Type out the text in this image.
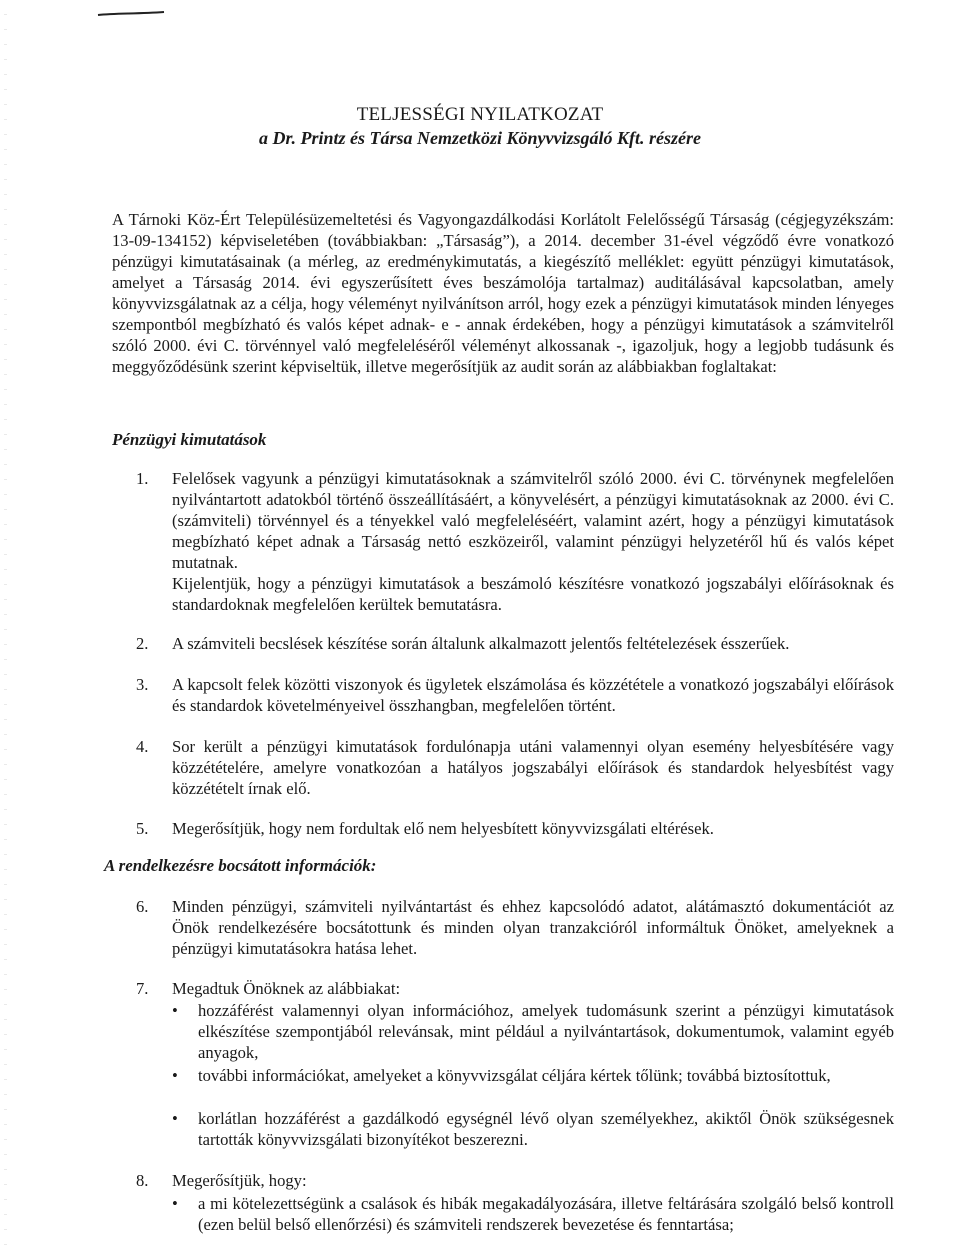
TELJESSÉGI NYILATKOZAT
a Dr. Printz és Társa Nemzetközi Könyvvizsgáló Kft. részére

A Tárnoki Köz-Ért Településüzemeltetési és Vagyongazdálkodási Korlátolt Felelősségű Társaság (cégjegyzékszám: 13-09-134152) képviseletében (továbbiakban: „Társaság”), a 2014. december 31-ével végződő évre vonatkozó pénzügyi kimutatásainak (a mérleg, az eredménykimutatás, a kiegészítő melléklet: együtt pénzügyi kimutatások, amelyet a Társaság 2014. évi egyszerűsített éves beszámolója tartalmaz) auditálásával kapcsolatban, amely könyvvizsgálatnak az a célja, hogy véleményt nyilvánítson arról, hogy ezek a pénzügyi kimutatások minden lényeges szempontból megbízható és valós képet adnak- e - annak érdekében, hogy a pénzügyi kimutatások a számvitelről szóló 2000. évi C. törvénnyel való megfeleléséről véleményt alkossanak -, igazoljuk, hogy a legjobb tudásunk és meggyőződésünk szerint képviseltük, illetve megerősítjük az audit során az alábbiakban foglaltakat:

Pénzügyi kimutatások
1.	Felelősek vagyunk a pénzügyi kimutatásoknak a számvitelről szóló 2000. évi C. törvénynek megfelelően nyilvántartott adatokból történő összeállításáért, a könyvelésért, a pénzügyi kimutatásoknak az 2000. évi C. (számviteli) törvénnyel és a tényekkel való megfeleléséért, valamint azért, hogy a pénzügyi kimutatások megbízható képet adnak a Társaság nettó eszközeiről, valamint pénzügyi helyzetéről hű és valós képet mutatnak.

Kijelentjük, hogy a pénzügyi kimutatások a beszámoló készítésre vonatkozó jogszabályi előírásoknak és standardoknak megfelelően kerültek bemutatásra.

2.	A számviteli becslések készítése során általunk alkalmazott jelentős feltételezések ésszerűek.

3.	A kapcsolt felek közötti viszonyok és ügyletek elszámolása és közzététele a vonatkozó jogszabályi előírások és standardok követelményeivel összhangban, megfelelően történt.

4.	Sor került a pénzügyi kimutatások fordulónapja utáni valamennyi olyan esemény helyesbítésére vagy közzétételére, amelyre vonatkozóan a hatályos jogszabályi előírások és standardok helyesbítést vagy közzétételt írnak elő.

5.	Megerősítjük, hogy nem fordultak elő nem helyesbített könyvvizsgálati eltérések.

A rendelkezésre bocsátott információk:
6.	Minden pénzügyi, számviteli nyilvántartást és ehhez kapcsolódó adatot, alátámasztó dokumentációt az Önök rendelkezésére bocsátottunk és minden olyan tranzakcióról informáltuk Önöket, amelyeknek a pénzügyi kimutatásokra hatása lehet.

7.	Megadtuk Önöknek az alábbiakat:

•	hozzáférést valamennyi olyan információhoz, amelyek tudomásunk szerint a pénzügyi kimutatások elkészítése szempontjából relevánsak, mint például a nyilvántartások, dokumentumok, valamint egyéb anyagok,
•	további információkat, amelyeket a könyvvizsgálat céljára kértek tőlünk; továbbá biztosítottuk,
•	korlátlan hozzáférést a gazdálkodó egységnél lévő olyan személyekhez, akiktől Önök szükségesnek tartották könyvvizsgálati bizonyítékot beszerezni.
8.	Megerősítjük, hogy:

•	a mi kötelezettségünk a csalások és hibák megakadályozására, illetve feltárására szolgáló belső kontroll (ezen belül belső ellenőrzési) és számviteli rendszerek bevezetése és fenntartása;
